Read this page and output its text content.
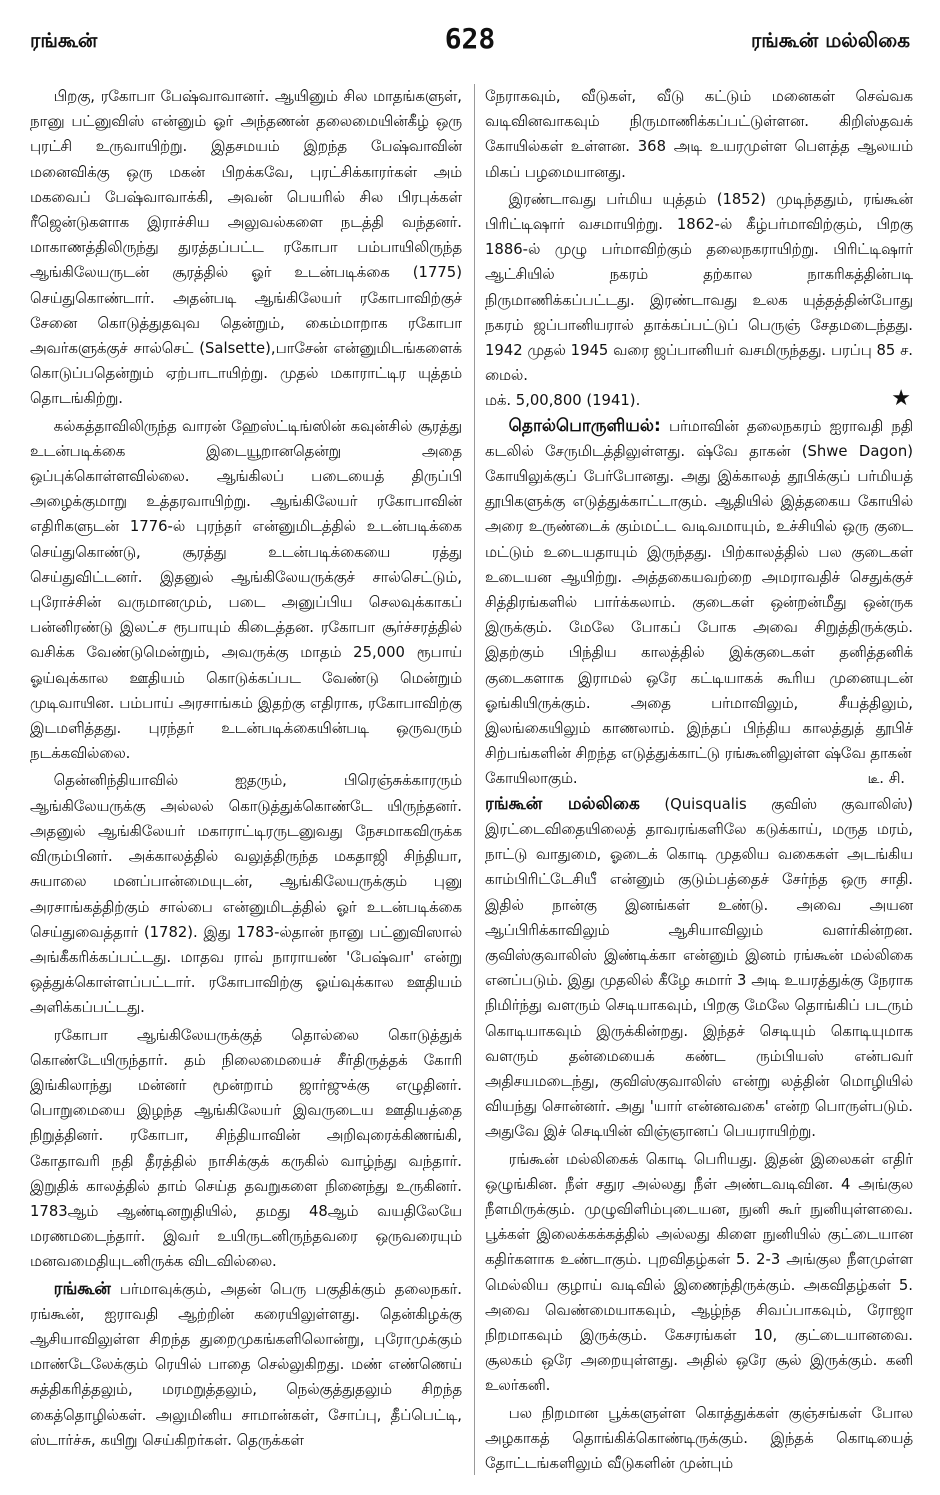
ரங்கூன்	628	ரங்கூன் மல்லிகை

பிறகு, ரகோபா பேஷ்வாவானர். ஆயினும் சில மாதங்களுள், நானு பட்னுவிஸ் என்னும் ஓர் அந்தணன் தலைமையின்கீழ் ஒரு புரட்சி உருவாயிற்று. இதசமயம் இறந்த பேஷ்வாவின் மனைவிக்கு ஒரு மகன் பிறக்கவே, புரட்சிக்காரர்கள் அம் மகவைப் பேஷ்வாவாக்கி, அவன் பெயரில் சில பிரபுக்கள் ரீஜென்டுகளாக இராச்சிய அலுவல்களை நடத்தி வந்தனர். மாகாணத்திலிருந்து துரத்தப்பட்ட ரகோபா பம்பாயிலிருந்த ஆங்கிலேயருடன் சூரத்தில் ஓர் உடன்படிக்கை (1775) செய்துகொண்டார். அதன்படி ஆங்கிலேயர் ரகோபாவிற்குச் சேனை கொடுத்துதவுவ தென்றும், கைம்மாறாக ரகோபா அவர்களுக்குச் சால்செட் (Salsette),பாசேன் என்னுமிடங்களைக் கொடுப்பதென்றும் ஏற்பாடாயிற்று. முதல் மகாராட்டிர யுத்தம் தொடங்கிற்று.

கல்கத்தாவிலிருந்த வாரன் ஹேஸ்ட்டிங்ஸின் கவுன்சில் சூரத்து உடன்படிக்கை இடையூறானதென்று அதை ஒப்புக்கொள்ளவில்லை. ஆங்கிலப் படையைத் திருப்பி அழைக்குமாறு உத்தரவாயிற்று. ஆங்கிலேயர் ரகோபாவின் எதிரிகளுடன் 1776-ல் புரந்தர் என்னுமிடத்தில் உடன்படிக்கை செய்துகொண்டு, சூரத்து உடன்படிக்கையை ரத்து செய்துவிட்டனர். இதனுல் ஆங்கிலேயருக்குச் சால்செட்டும், புரோச்சின் வருமானமும், படை அனுப்பிய செலவுக்காகப் பன்னிரண்டு இலட்ச ரூபாயும் கிடைத்தன. ரகோபா சூர்ச்சரத்தில் வசிக்க வேண்டுமென்றும், அவருக்கு மாதம் 25,000 ரூபாய் ஓய்வுக்கால ஊதியம் கொடுக்கப்பட வேண்டு மென்றும் முடிவாயின. பம்பாய் அரசாங்கம் இதற்கு எதிராக, ரகோபாவிற்கு இடமளித்தது. புரந்தர் உடன்படிக்கையின்படி ஒருவரும் நடக்கவில்லை.

தென்னிந்தியாவில் ஐதரும், பிரெஞ்சுக்காரரும் ஆங்கிலேயருக்கு அல்லல் கொடுத்துக்கொண்டே யிருந்தனர். அதனுல் ஆங்கிலேயர் மகாராட்டிரருடனுவது நேசமாகவிருக்க விரும்பினர். அக்காலத்தில் வலுத்திருந்த மகதாஜி சிந்தியா, சுயாலை மனப்பான்மையுடன், ஆங்கிலேயருக்கும் புனு அரசாங்கத்திற்கும் சால்பை என்னுமிடத்தில் ஓர் உடன்படிக்கை செய்துவைத்தார் (1782). இது 1783-ல்தான் நானு பட்னுவிஸால் அங்கீகரிக்கப்பட்டது. மாதவ ராவ் நாராயண் 'பேஷ்வா' என்று ஒத்துக்கொள்ளப்பட்டார். ரகோபாவிற்கு ஓய்வுக்கால ஊதியம் அளிக்கப்பட்டது.

ரகோபா ஆங்கிலேயருக்குத் தொல்லை கொடுத்துக் கொண்டேயிருந்தார். தம் நிலைமையைச் சீர்திருத்தக் கோரி இங்கிலாந்து மன்னர் மூன்றாம் ஜார்ஜுக்கு எழுதினர். பொறுமையை இழந்த ஆங்கிலேயர் இவருடைய ஊதியத்தை நிறுத்தினர். ரகோபா, சிந்தியாவின் அறிவுரைக்கிணங்கி, கோதாவரி நதி தீரத்தில் நாசிக்குக் கருகில் வாழ்ந்து வந்தார். இறுதிக் காலத்தில் தாம் செய்த தவறுகளை நினைந்து உருகினர். 1783ஆம் ஆண்டினறுதியில், தமது 48ஆம் வயதிலேயே மரணமடைந்தார். இவர் உயிருடனிருந்தவரை ஒருவரையும் மனவமைதியுடனிருக்க விடவில்லை.

ரங்கூன் பர்மாவுக்கும், அதன் பெரு பகுதிக்கும் தலைநகர். ரங்கூன், ஐராவதி ஆற்றின் கரையிலுள்ளது. தென்கிழக்கு ஆசியாவிலுள்ள சிறந்த துறைமுகங்களிலொன்று, புரோமுக்கும் மாண்டேலேக்கும் ரெயில் பாதை செல்லுகிறது. மண் எண்ணெய் சுத்திகரித்தலும், மரமறுத்தலும், நெல்குத்துதலும் சிறந்த கைத்தொழில்கள். அலுமினிய சாமான்கள், சோப்பு, தீப்பெட்டி, ஸ்டார்ச்சு, கயிறு செய்கிறர்கள். தெருக்கள்

நேராகவும், வீடுகள், வீடு கட்டும் மனைகள் செவ்வக வடிவினவாகவும் நிருமாணிக்கப்பட்டுள்ளன. கிறிஸ்தவக் கோயில்கள் உள்ளன. 368 அடி உயரமுள்ள பௌத்த ஆலயம் மிகப் பழமையானது.

இரண்டாவது பர்மிய யுத்தம் (1852) முடிந்ததும், ரங்கூன் பிரிட்டிஷார் வசமாயிற்று. 1862-ல் கீழ்பர்மாவிற்கும், பிறகு 1886-ல் முழு பர்மாவிற்கும் தலைநகராயிற்று. பிரிட்டிஷார் ஆட்சியில் நகரம் தற்கால நாகரிகத்தின்படி நிருமாணிக்கப்பட்டது. இரண்டாவது உலக யுத்தத்தின்போது நகரம் ஜப்பானியரால் தாக்கப்பட்டுப் பெருஞ் சேதமடைந்தது. 1942 முதல் 1945 வரை ஜப்பானியர் வசமிருந்தது. பரப்பு 85 ச. மைல்.

மக். 5,00,800 (1941).	★

தொல்பொருளியல்: பர்மாவின் தலைநகரம் ஐராவதி நதி கடலில் சேருமிடத்திலுள்ளது. ஷ்வே தாகன் (Shwe Dagon) கோயிலுக்குப் பேர்போனது. அது இக்காலத் தூபிக்குப் பர்மியத் தூபிகளுக்கு எடுத்துக்காட்டாகும். ஆதியில் இத்தகைய கோயில் அரை உருண்டைக் கும்மட்ட வடிவமாயும், உச்சியில் ஒரு குடை மட்டும் உடையதாயும் இருந்தது. பிற்காலத்தில் பல குடைகள் உடையன ஆயிற்று. அத்தகையவற்றை அமராவதிச் செதுக்குச் சித்திரங்களில் பார்க்கலாம். குடைகள் ஒன்றன்மீது ஒன்ருக இருக்கும். மேலே போகப் போக அவை சிறுத்திருக்கும். இதற்கும் பிந்திய காலத்தில் இக்குடைகள் தனித்தனிக் குடைகளாக இராமல் ஒரே கட்டியாகக் கூரிய முனையுடன் ஓங்கியிருக்கும். அதை பர்மாவிலும், சீயத்திலும், இலங்கையிலும் காணலாம். இந்தப் பிந்திய காலத்துத் தூபிச் சிற்பங்களின் சிறந்த எடுத்துக்காட்டு ரங்கூனிலுள்ள ஷ்வே தாகன்

கோயிலாகும்.	டீ. சி.

ரங்கூன் மல்லிகை (Quisqualis குவிஸ் குவாலிஸ்) இரட்டைவிதையிலைத் தாவரங்களிலே கடுக்காய், மருத மரம், நாட்டு வாதுமை, ஓடைக் கொடி முதலிய வகைகள் அடங்கிய காம்பிரிட்டேசியீ என்னும் குடும்பத்தைச் சேர்ந்த ஒரு சாதி. இதில் நான்கு இனங்கள் உண்டு. அவை அயன ஆப்பிரிக்காவிலும் ஆசியாவிலும் வளர்கின்றன. குவிஸ்குவாலிஸ் இண்டிக்கா என்னும் இனம் ரங்கூன் மல்லிகை எனப்படும். இது முதலில் கீழே சுமார் 3 அடி உயரத்துக்கு நேராக நிமிர்ந்து வளரும் செடியாகவும், பிறகு மேலே தொங்கிப் படரும் கொடியாகவும் இருக்கின்றது. இந்தச் செடியும் கொடியுமாக வளரும் தன்மையைக் கண்ட ரும்பியஸ் என்பவர் அதிசயமடைந்து, குவிஸ்குவாலிஸ் என்று லத்தின் மொழியில் வியந்து சொன்னர். அது 'யார் என்னவகை' என்ற பொருள்படும். அதுவே இச் செடியின் விஞ்ஞானப் பெயராயிற்று.

ரங்கூன் மல்லிகைக் கொடி பெரியது. இதன் இலைகள் எதிர் ஒழுங்கின. நீள் சதுர அல்லது நீள் அண்டவடிவின. 4 அங்குல நீளமிருக்கும். முழுவிளிம்புடையன, நுனி கூர் நுனியுள்ளவை. பூக்கள் இலைக்கக்கத்தில் அல்லது கிளை நுனியில் குட்டையான கதிர்களாக உண்டாகும். புறவிதழ்கள் 5. 2-3 அங்குல நீளமுள்ள மெல்லிய குழாய் வடிவில் இணைந்திருக்கும். அகவிதழ்கள் 5. அவை வெண்மையாகவும், ஆழ்ந்த சிவப்பாகவும், ரோஜா நிறமாகவும் இருக்கும். கேசரங்கள் 10, குட்டையானவை. சூலகம் ஒரே அறையுள்ளது. அதில் ஒரே சூல் இருக்கும். கனி உலர்கனி.

பல நிறமான பூக்களுள்ள கொத்துக்கள் குஞ்சங்கள் போல அழகாகத் தொங்கிக்கொண்டிருக்கும். இந்தக் கொடியைத் தோட்டங்களிலும் வீடுகளின் முன்பும்
